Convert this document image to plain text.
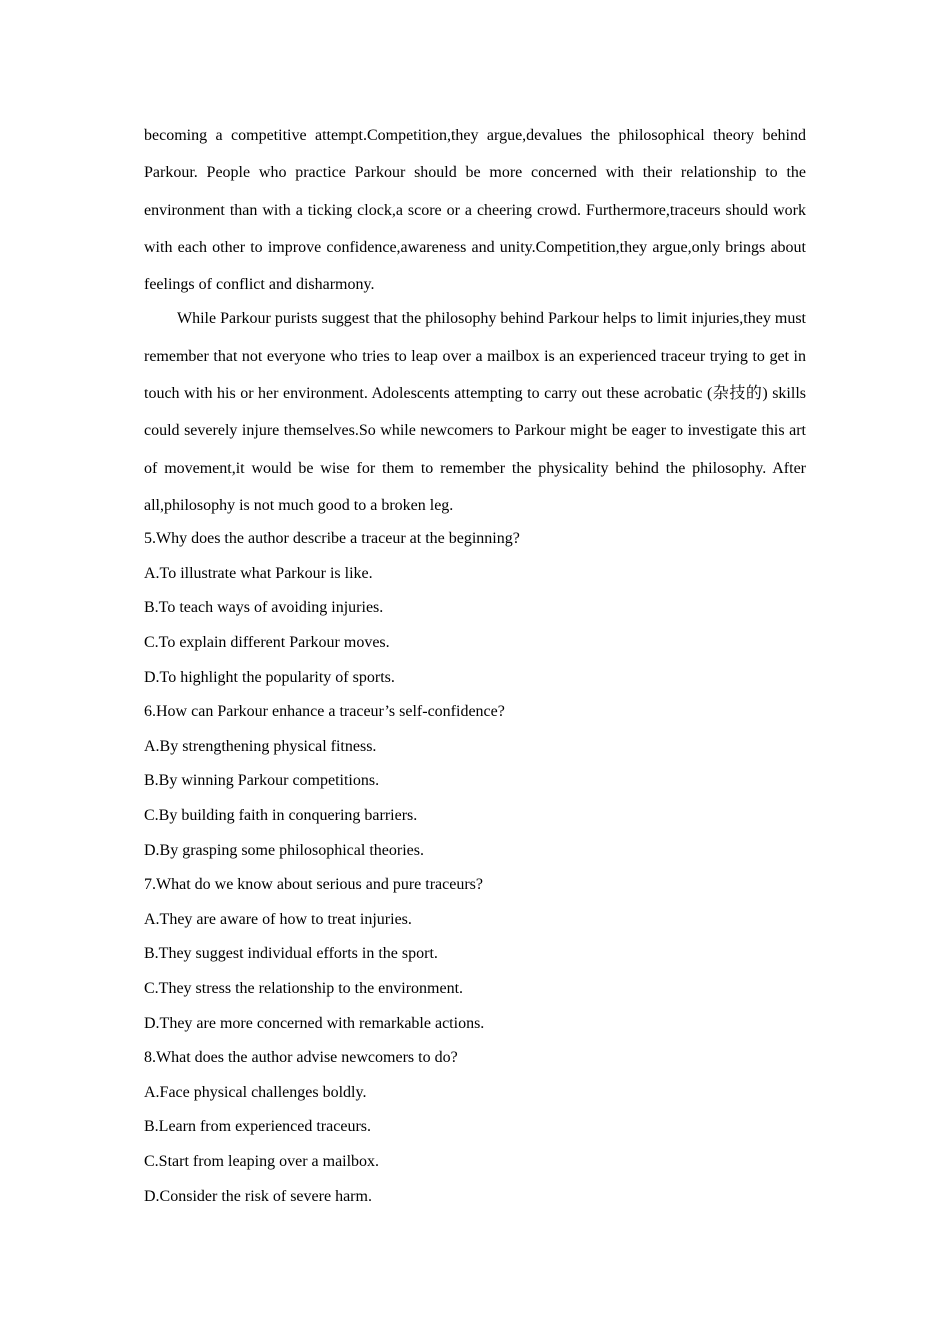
becoming a competitive attempt.Competition,they argue,devalues the philosophical theory behind Parkour. People who practice Parkour should be more concerned with their relationship to the environment than with a ticking clock,a score or a cheering crowd. Furthermore,traceurs should work with each other to improve confidence,awareness and unity.Competition,they argue,only brings about feelings of conflict and disharmony.

While Parkour purists suggest that the philosophy behind Parkour helps to limit injuries,they must remember that not everyone who tries to leap over a mailbox is an experienced traceur trying to get in touch with his or her environment. Adolescents attempting to carry out these acrobatic (杂技的) skills could severely injure themselves.So while newcomers to Parkour might be eager to investigate this art of movement,it would be wise for them to remember the physicality behind the philosophy. After all,philosophy is not much good to a broken leg.

5.Why does the author describe a traceur at the beginning?

A.To illustrate what Parkour is like.

B.To teach ways of avoiding injuries.

C.To explain different Parkour moves.

D.To highlight the popularity of sports.

6.How can Parkour enhance a traceur’s self-confidence?

A.By strengthening physical fitness.

B.By winning Parkour competitions.

C.By building faith in conquering barriers.

D.By grasping some philosophical theories.

7.What do we know about serious and pure traceurs?

A.They are aware of how to treat injuries.

B.They suggest individual efforts in the sport.

C.They stress the relationship to the environment.

D.They are more concerned with remarkable actions.

8.What does the author advise newcomers to do?

A.Face physical challenges boldly.

B.Learn from experienced traceurs.

C.Start from leaping over a mailbox.

D.Consider the risk of severe harm.
